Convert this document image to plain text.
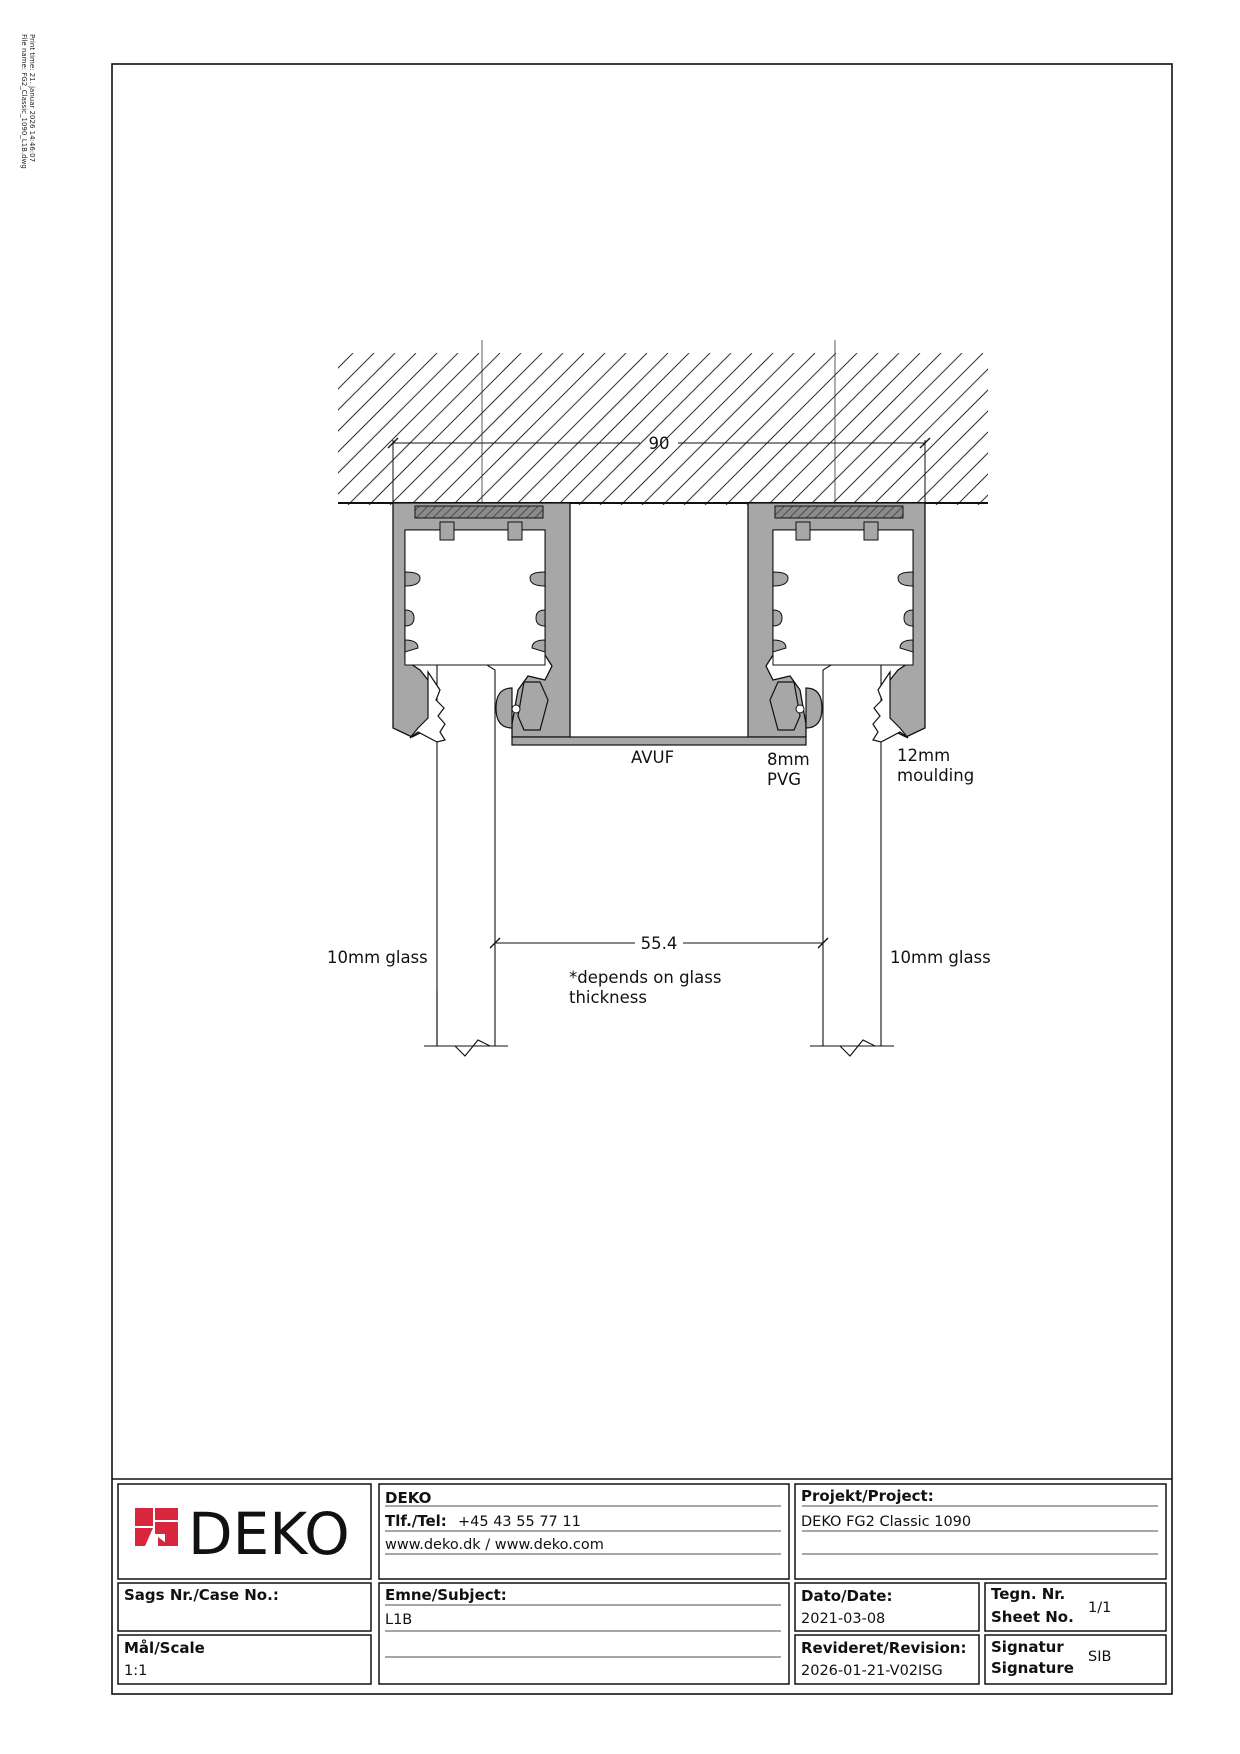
Print time: 21. januar 2026 14:46:07
File name: FG2_Classic_1090_L1B.dwg
90
55.4
AVUF	8mm
PVG
12mm
moulding
10mm glass	10mm glass
*depends on glass
thickness
DEKO
DEKO
Tlf./Tel: +45 43 55 77 11
www.deko.dk / www.deko.com
Projekt/Project:
DEKO FG2 Classic 1090
Sags Nr./Case No.:	Emne/Subject:
L1B
Dato/Date:
2021-03-08
Tegn. Nr.
Sheet No. 1/1
Mål/Scale
1:1
Revideret/Revision:
2026-01-21-V02ISG
Signatur
Signature
SIB
